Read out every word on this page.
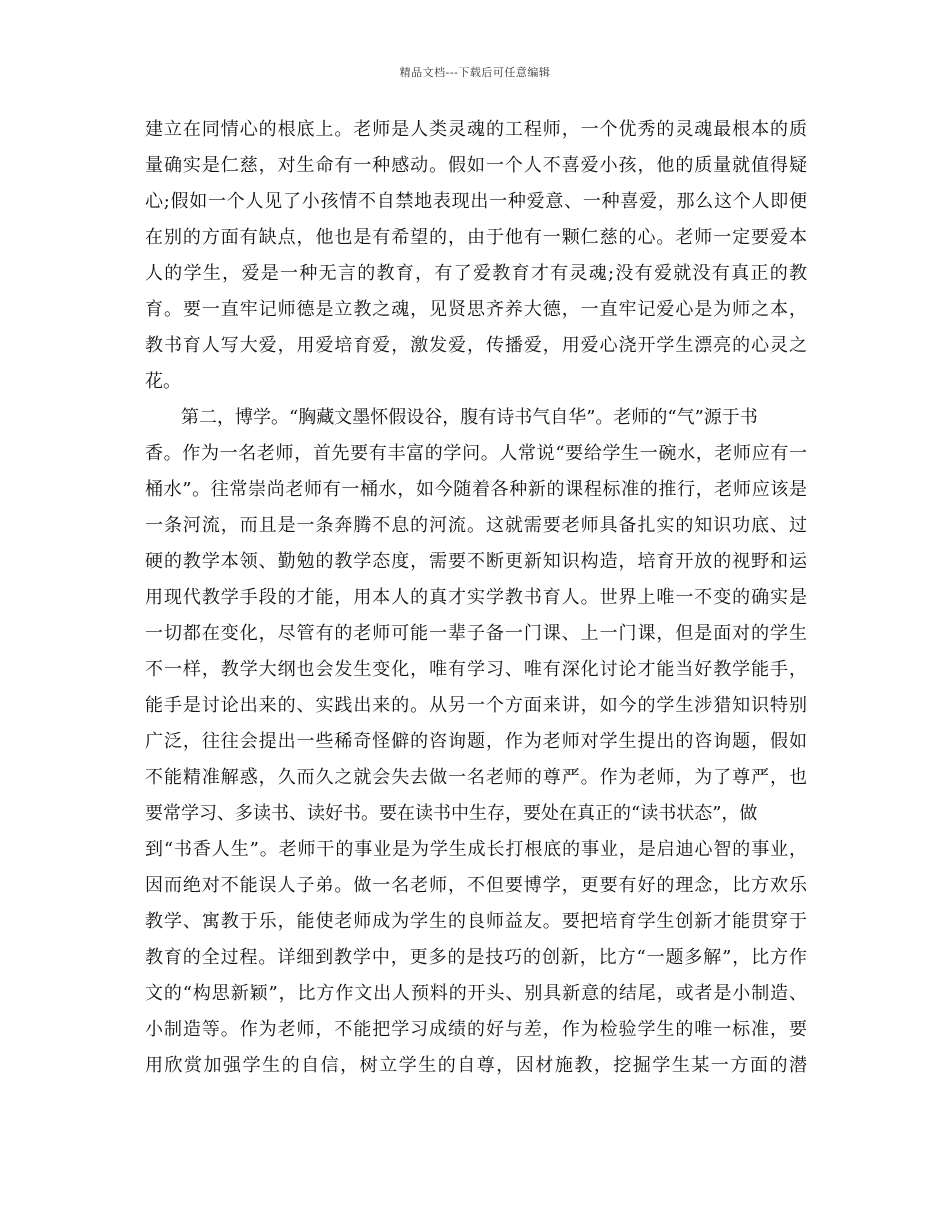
精品文档---下载后可任意编辑
建立在同情心的根底上。老师是人类灵魂的工程师，一个优秀的灵魂最根本的质
量确实是仁慈，对生命有一种感动。假如一个人不喜爱小孩，他的质量就值得疑
心;假如一个人见了小孩情不自禁地表现出一种爱意、一种喜爱，那么这个人即便
在别的方面有缺点，他也是有希望的，由于他有一颗仁慈的心。老师一定要爱本
人的学生，爱是一种无言的教育，有了爱教育才有灵魂;没有爱就没有真正的教
育。要一直牢记师德是立教之魂，见贤思齐养大德，一直牢记爱心是为师之本，
教书育人写大爱，用爱培育爱，激发爱，传播爱，用爱心浇开学生漂亮的心灵之
花。
第二，博学。“胸藏文墨怀假设谷，腹有诗书气自华”。老师的“气”源于书
香。作为一名老师，首先要有丰富的学问。人常说“要给学生一碗水，老师应有一
桶水”。往常崇尚老师有一桶水，如今随着各种新的课程标准的推行，老师应该是
一条河流，而且是一条奔腾不息的河流。这就需要老师具备扎实的知识功底、过
硬的教学本领、勤勉的教学态度，需要不断更新知识构造，培育开放的视野和运
用现代教学手段的才能，用本人的真才实学教书育人。世界上唯一不变的确实是
一切都在变化，尽管有的老师可能一辈子备一门课、上一门课，但是面对的学生
不一样，教学大纲也会发生变化，唯有学习、唯有深化讨论才能当好教学能手，
能手是讨论出来的、实践出来的。从另一个方面来讲，如今的学生涉猎知识特别
广泛，往往会提出一些稀奇怪僻的咨询题，作为老师对学生提出的咨询题，假如
不能精准解惑，久而久之就会失去做一名老师的尊严。作为老师，为了尊严，也
要常学习、多读书、读好书。要在读书中生存，要处在真正的“读书状态”，做
到“书香人生”。老师干的事业是为学生成长打根底的事业，是启迪心智的事业，
因而绝对不能误人子弟。做一名老师，不但要博学，更要有好的理念，比方欢乐
教学、寓教于乐，能使老师成为学生的良师益友。要把培育学生创新才能贯穿于
教育的全过程。详细到教学中，更多的是技巧的创新，比方“一题多解”，比方作
文的“构思新颖”，比方作文出人预料的开头、别具新意的结尾，或者是小制造、
小制造等。作为老师，不能把学习成绩的好与差，作为检验学生的唯一标准，要
用欣赏加强学生的自信，树立学生的自尊，因材施教，挖掘学生某一方面的潜
